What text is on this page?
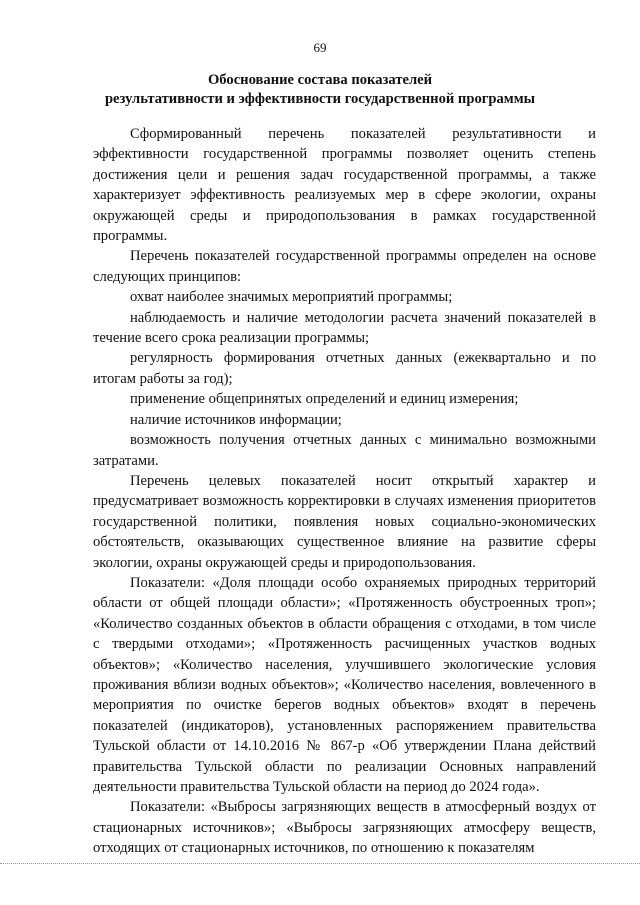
69
Обоснование состава показателей
результативности и эффективности государственной программы

Сформированный перечень показателей результативности и эффективности государственной программы позволяет оценить степень достижения цели и решения задач государственной программы, а также характеризует эффективность реализуемых мер в сфере экологии, охраны окружающей среды и природопользования в рамках государственной программы.

Перечень показателей государственной программы определен на основе следующих принципов:

охват наиболее значимых мероприятий программы;

наблюдаемость и наличие методологии расчета значений показателей в течение всего срока реализации программы;

регулярность формирования отчетных данных (ежеквартально и по итогам работы за год);

применение общепринятых определений и единиц измерения;

наличие источников информации;

возможность получения отчетных данных с минимально возможными затратами.

Перечень целевых показателей носит открытый характер и предусматривает возможность корректировки в случаях изменения приоритетов государственной политики, появления новых социально-экономических обстоятельств, оказывающих существенное влияние на развитие сферы экологии, охраны окружающей среды и природопользования.

Показатели: «Доля площади особо охраняемых природных территорий области от общей площади области»; «Протяженность обустроенных троп»; «Количество созданных объектов в области обращения с отходами, в том числе с твердыми отходами»; «Протяженность расчищенных участков водных объектов»; «Количество населения, улучшившего экологические условия проживания вблизи водных объектов»; «Количество населения, вовлеченного в мероприятия по очистке берегов водных объектов» входят в перечень показателей (индикаторов), установленных распоряжением правительства Тульской области от 14.10.2016 № 867-р «Об утверждении Плана действий правительства Тульской области по реализации Основных направлений деятельности правительства Тульской области на период до 2024 года».

Показатели: «Выбросы загрязняющих веществ в атмосферный воздух от стационарных источников»; «Выбросы загрязняющих атмосферу веществ, отходящих от стационарных источников, по отношению к показателям
